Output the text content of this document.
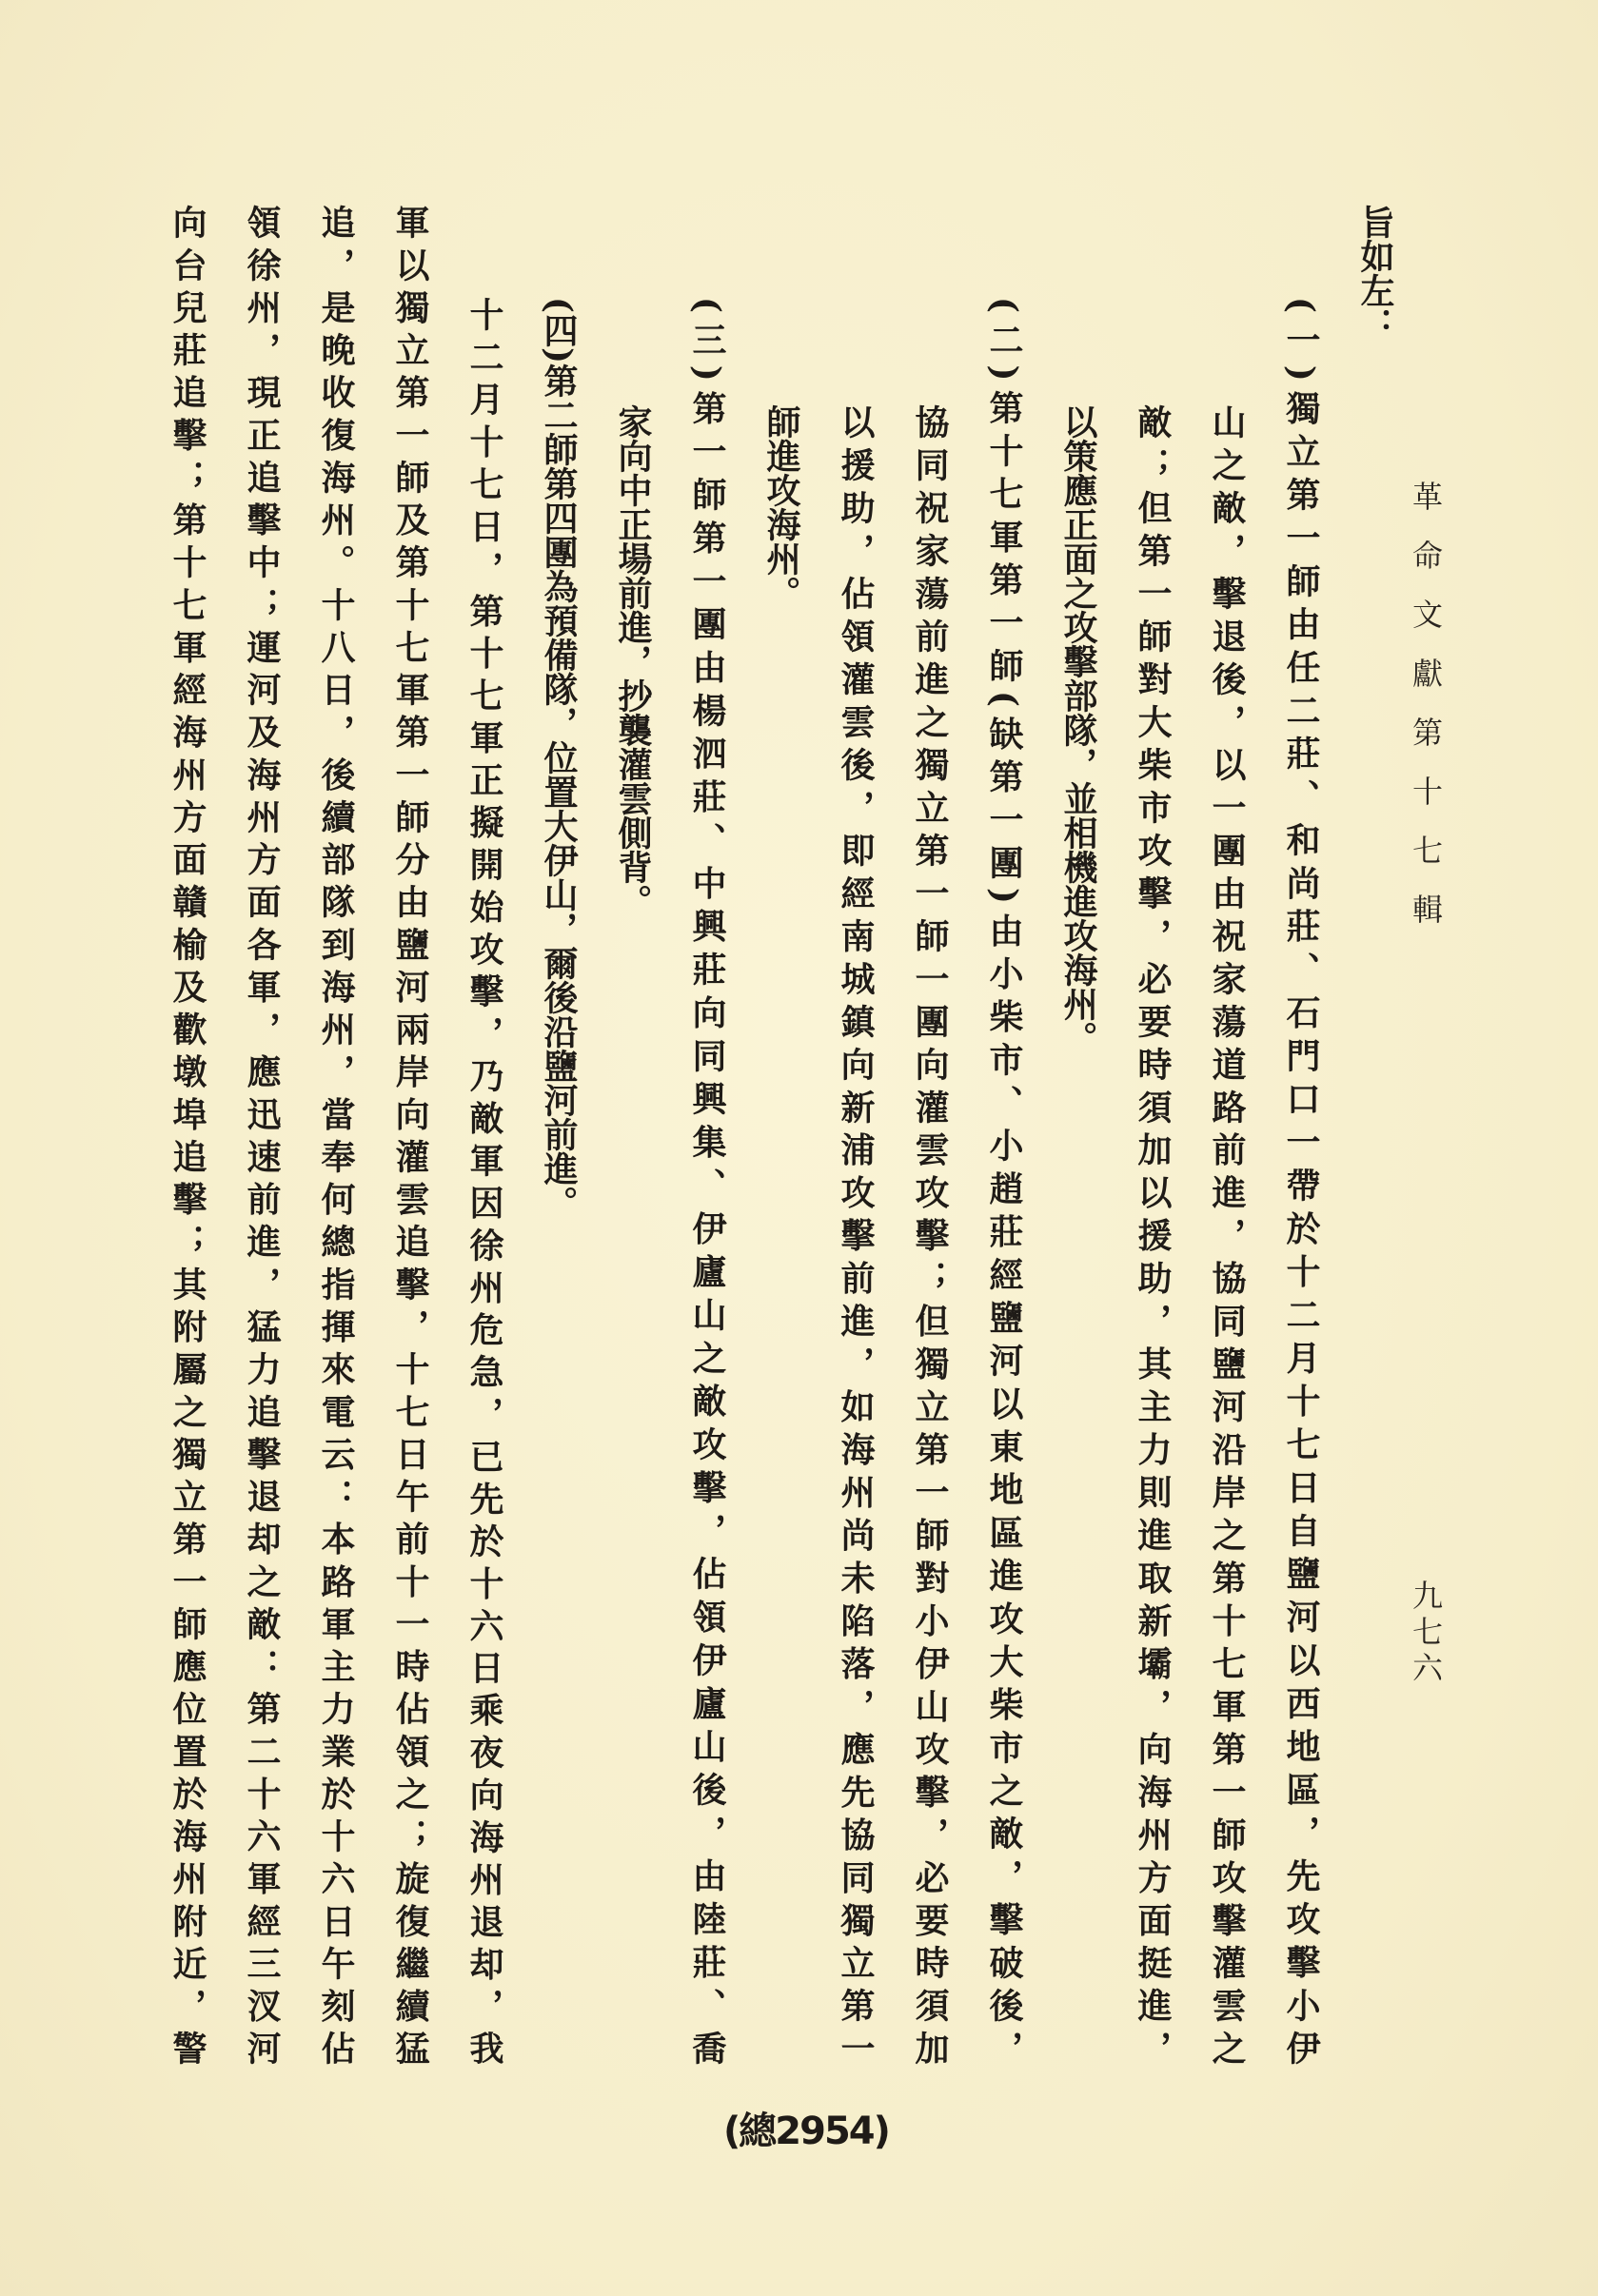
革命文獻第十七輯
九七六
旨如左：
(一)獨立第一師由任二莊、和尚莊、石門口一帶於十二月十七日自鹽河以西地區，先攻擊小伊
山之敵，擊退後，以一團由祝家蕩道路前進，協同鹽河沿岸之第十七軍第一師攻擊灌雲之
敵；但第一師對大柴市攻擊，必要時須加以援助，其主力則進取新壩，向海州方面挺進，
以策應正面之攻擊部隊，並相機進攻海州。
(二)第十七軍第一師(缺第一團)由小柴市、小趙莊經鹽河以東地區進攻大柴市之敵，擊破後，
協同祝家蕩前進之獨立第一師一團向灌雲攻擊；但獨立第一師對小伊山攻擊，必要時須加
以援助，佔領灌雲後，即經南城鎮向新浦攻擊前進，如海州尚未陷落，應先協同獨立第一
師進攻海州。
(三)第一師第一團由楊泗莊、中興莊向同興集、伊廬山之敵攻擊，佔領伊廬山後，由陸莊、喬
家向中正場前進，抄襲灌雲側背。
(四)第二師第四團為預備隊，位置大伊山，爾後沿鹽河前進。
十二月十七日，第十七軍正擬開始攻擊，乃敵軍因徐州危急，已先於十六日乘夜向海州退却，我
軍以獨立第一師及第十七軍第一師分由鹽河兩岸向灌雲追擊，十七日午前十一時佔領之；旋復繼續猛
追，是晚收復海州。十八日，後續部隊到海州，當奉何總指揮來電云：本路軍主力業於十六日午刻佔
領徐州，現正追擊中；運河及海州方面各軍，應迅速前進，猛力追擊退却之敵：第二十六軍經三汊河
向台兒莊追擊；第十七軍經海州方面贛榆及歡墩埠追擊；其附屬之獨立第一師應位置於海州附近，警
(總2954)
